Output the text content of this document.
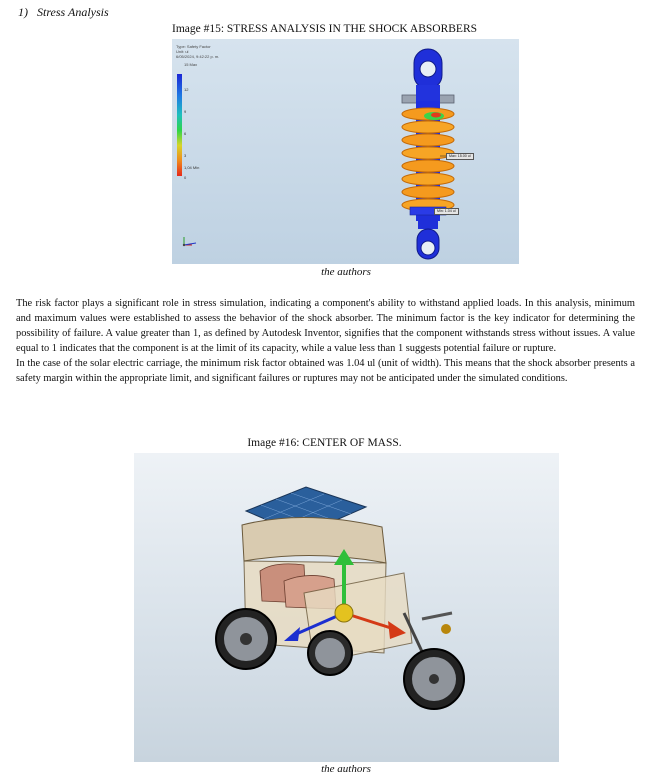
1)   Stress Analysis
Image #15: STRESS ANALYSIS IN THE SHOCK ABSORBERS
Type: Safety Factor
Unit: ul
6/05/2024, 9:42:22 p. m.
15 Max
12
9
6
3
1,04 Min
0
Max: 15.00 ul
Min: 1.04 ul
the authors

The risk factor plays a significant role in stress simulation, indicating a component's ability to withstand applied loads. In this analysis, minimum and maximum values were established to assess the behavior of the shock absorber. The minimum factor is the key indicator for determining the possibility of failure. A value greater than 1, as defined by Autodesk Inventor, signifies that the component withstands stress without issues. A value equal to 1 indicates that the component is at the limit of its capacity, while a value less than 1 suggests potential failure or rupture.

In the case of the solar electric carriage, the minimum risk factor obtained was 1.04 ul (unit of width). This means that the shock absorber presents a safety margin within the appropriate limit, and significant failures or ruptures may not be anticipated under the simulated conditions.

Image #16: CENTER OF MASS.
the authors
